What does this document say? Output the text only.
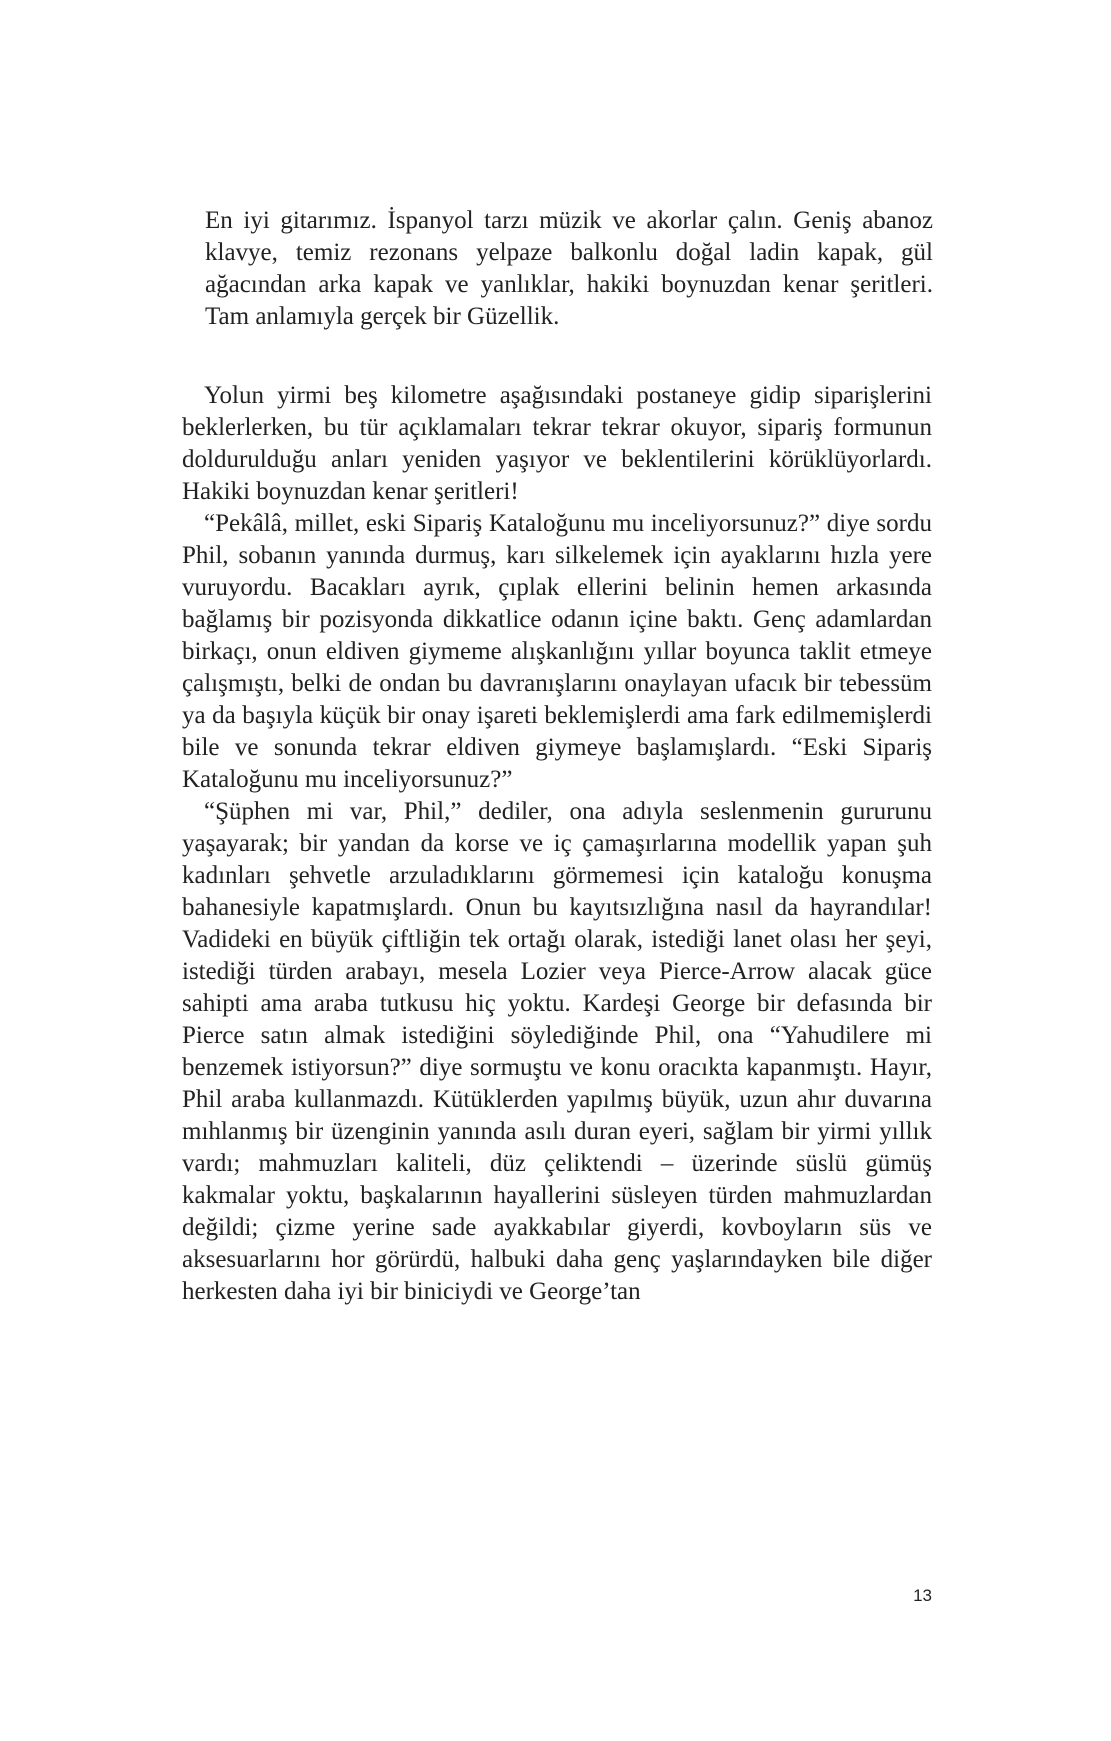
En iyi gitarımız. İspanyol tarzı müzik ve akorlar çalın. Geniş abanoz klavye, temiz rezonans yelpaze balkonlu doğal ladin kapak, gül ağacından arka kapak ve yanlıklar, hakiki boynuzdan kenar şeritleri. Tam anlamıyla gerçek bir Güzellik.

Yolun yirmi beş kilometre aşağısındaki postaneye gidip siparişlerini beklerlerken, bu tür açıklamaları tekrar tekrar okuyor, sipariş formunun doldurulduğu anları yeniden yaşıyor ve beklentilerini körüklüyorlardı. Hakiki boynuzdan kenar şeritleri!

“Pekâlâ, millet, eski Sipariş Kataloğunu mu inceliyorsunuz?” diye sordu Phil, sobanın yanında durmuş, karı silkelemek için ayaklarını hızla yere vuruyordu. Bacakları ayrık, çıplak ellerini belinin hemen arkasında bağlamış bir pozisyonda dikkatlice odanın içine baktı. Genç adamlardan birkaçı, onun eldiven giymeme alışkanlığını yıllar boyunca taklit etmeye çalışmıştı, belki de ondan bu davranışlarını onaylayan ufacık bir tebessüm ya da başıyla küçük bir onay işareti beklemişlerdi ama fark edilmemişlerdi bile ve sonunda tekrar eldiven giymeye başlamışlardı. “Eski Sipariş Kataloğunu mu inceliyorsunuz?”

“Şüphen mi var, Phil,” dediler, ona adıyla seslenmenin gururunu yaşayarak; bir yandan da korse ve iç çamaşırlarına modellik yapan şuh kadınları şehvetle arzuladıklarını görmemesi için kataloğu konuşma bahanesiyle kapatmışlardı. Onun bu kayıtsızlığına nasıl da hayrandılar! Vadideki en büyük çiftliğin tek ortağı olarak, istediği lanet olası her şeyi, istediği türden arabayı, mesela Lozier veya Pierce-Arrow alacak güce sahipti ama araba tutkusu hiç yoktu. Kardeşi George bir defasında bir Pierce satın almak istediğini söylediğinde Phil, ona “Yahudilere mi benzemek istiyorsun?” diye sormuştu ve konu oracıkta kapanmıştı. Hayır, Phil araba kullanmazdı. Kütüklerden yapılmış büyük, uzun ahır duvarına mıhlanmış bir üzenginin yanında asılı duran eyeri, sağlam bir yirmi yıllık vardı; mahmuzları kaliteli, düz çeliktendi – üzerinde süslü gümüş kakmalar yoktu, başkalarının hayallerini süsleyen türden mahmuzlardan değildi; çizme yerine sade ayakkabılar giyerdi, kovboyların süs ve aksesuarlarını hor görürdü, halbuki daha genç yaşlarındayken bile diğer herkesten daha iyi bir biniciydi ve George’tan

13
